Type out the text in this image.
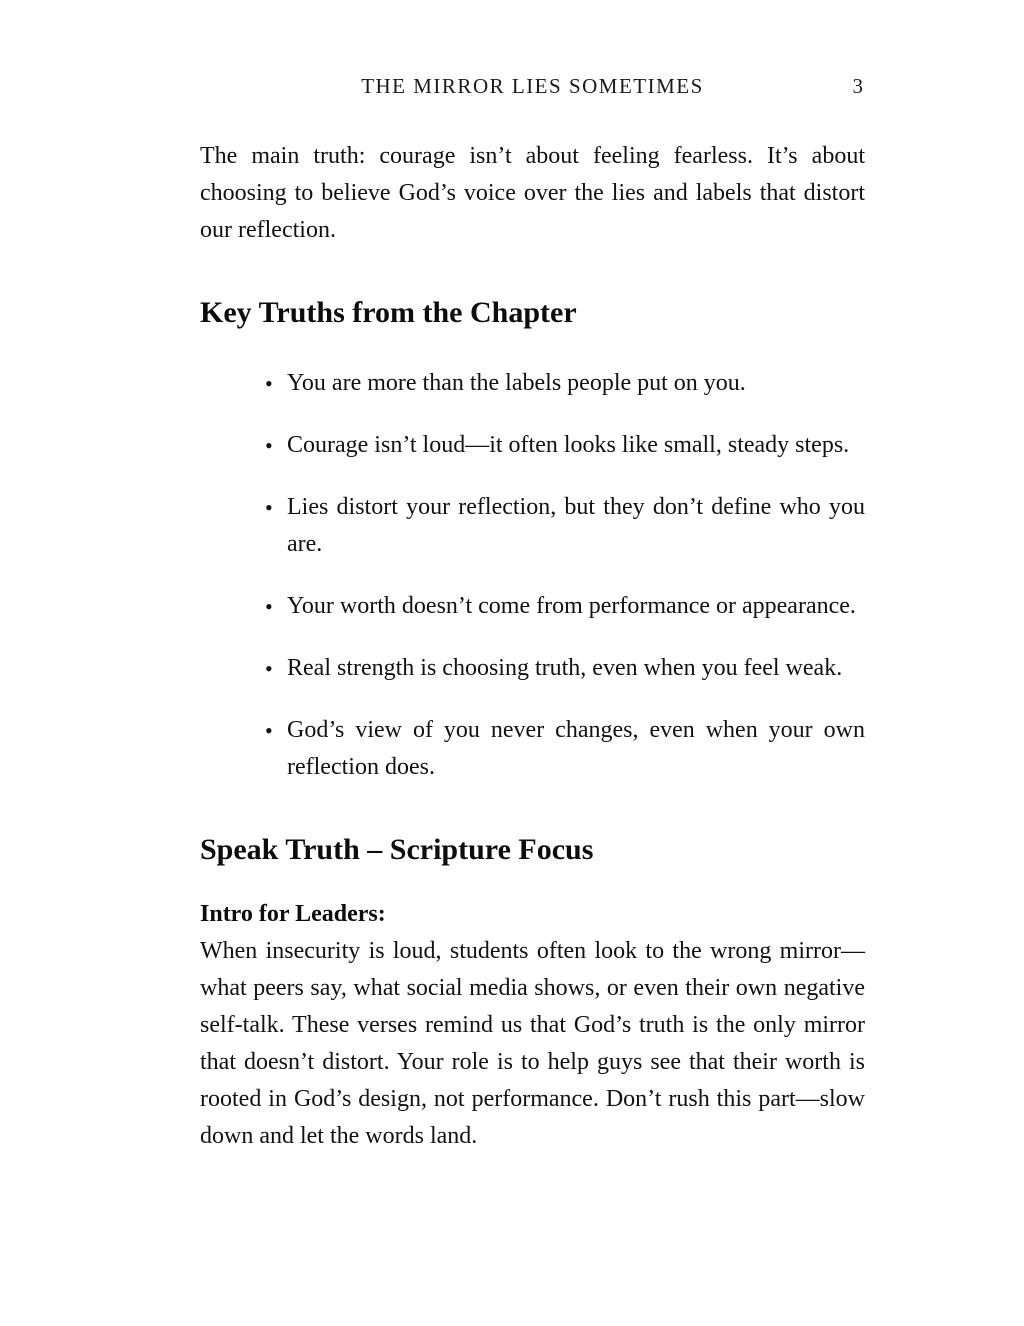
THE MIRROR LIES SOMETIMES	3

The main truth: courage isn’t about feeling fearless. It’s about choosing to believe God’s voice over the lies and labels that distort our reflection.

Key Truths from the Chapter
• You are more than the labels people put on you.
• Courage isn’t loud—it often looks like small, steady steps.
• Lies distort your reflection, but they don’t define who you are.
• Your worth doesn’t come from performance or appearance.
• Real strength is choosing truth, even when you feel weak.
• God’s view of you never changes, even when your own reflection does.
Speak Truth – Scripture Focus

Intro for Leaders:

When insecurity is loud, students often look to the wrong mirror—what peers say, what social media shows, or even their own negative self-talk. These verses remind us that God’s truth is the only mirror that doesn’t distort. Your role is to help guys see that their worth is rooted in God’s design, not performance. Don’t rush this part—slow down and let the words land.
